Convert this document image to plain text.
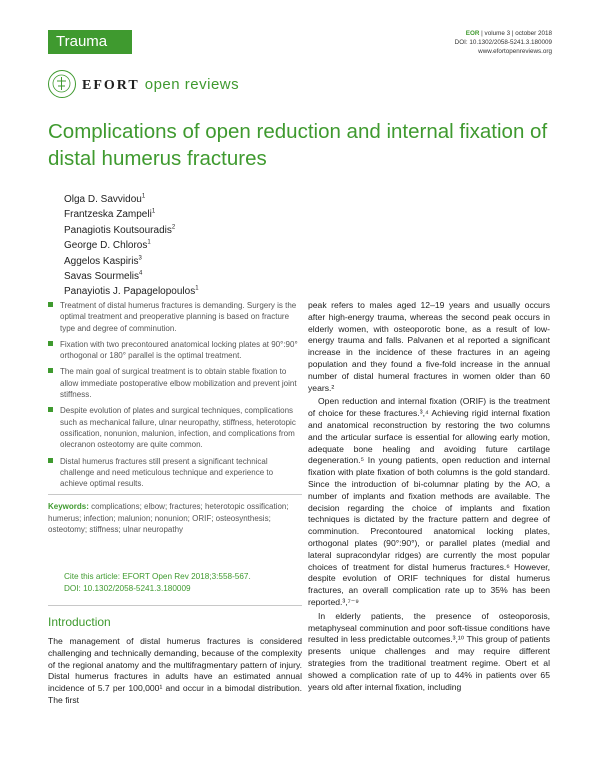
Trauma	EOR | volume 3 | october 2018
DOI: 10.1302/2058-5241.3.180009
www.efortopenreviews.org
EFORT open reviews
Complications of open reduction and internal fixation of distal humerus fractures
Olga D. Savvidou$^1$
Frantzeska Zampeli$^1$
Panagiotis Koutsouradis$^2$
George D. Chloros$^1$
Aggelos Kaspiris$^3$
Savas Sourmelis$^4$
Panayiotis J. Papagelopoulos$^1$
Treatment of distal humerus fractures is demanding. Surgery is the optimal treatment and preoperative planning is based on fracture type and degree of comminution.
Fixation with two precontoured anatomical locking plates at 90°:90° orthogonal or 180° parallel is the optimal treatment.
The main goal of surgical treatment is to obtain stable fixation to allow immediate postoperative elbow mobilization and prevent joint stiffness.
Despite evolution of plates and surgical techniques, complications such as mechanical failure, ulnar neuropathy, stiffness, heterotopic ossification, nonunion, malunion, infection, and complications from olecranon osteotomy are quite common.
Distal humerus fractures still present a significant technical challenge and need meticulous technique and experience to achieve optimal results.
Keywords: complications; elbow; fractures; heterotopic ossification; humerus; infection; malunion; nonunion; ORIF; osteosynthesis; osteotomy; stiffness; ulnar neuropathy
Cite this article: EFORT Open Rev 2018;3:558-567.
DOI: 10.1302/2058-5241.3.180009
Introduction

The management of distal humerus fractures is considered challenging and technically demanding, because of the complexity of the regional anatomy and the multifragmentary pattern of injury. Distal humerus fractures in adults have an estimated annual incidence of 5.7 per 100,000¹ and occur in a bimodal distribution. The first

peak refers to males aged 12–19 years and usually occurs after high-energy trauma, whereas the second peak occurs in elderly women, with osteoporotic bone, as a result of low-energy trauma and falls. Palvanen et al reported a significant increase in the incidence of these fractures in an ageing population and they found a five-fold increase in the annual number of distal humeral fractures in women older than 60 years.²

Open reduction and internal fixation (ORIF) is the treatment of choice for these fractures.³,⁴ Achieving rigid internal fixation and anatomical reconstruction by restoring the two columns and the articular surface is essential for allowing early motion, adequate bone healing and avoiding future cartilage degeneration.⁵ In young patients, open reduction and internal fixation with plate fixation of both columns is the gold standard. Since the introduction of bi-columnar plating by the AO, a number of implants and fixation methods are available. The decision regarding the choice of implants and fixation techniques is dictated by the fracture pattern and degree of comminution. Precontoured anatomical locking plates, orthogonal plates (90°:90°), or parallel plates (medial and lateral supracondylar ridges) are currently the most popular choices of treatment for distal humerus fractures.⁶ However, despite evolution of ORIF techniques for distal humerus fractures, an overall complication rate up to 35% has been reported.³,⁷⁻⁹

In elderly patients, the presence of osteoporosis, metaphyseal comminution and poor soft-tissue conditions have resulted in less predictable outcomes.³,¹⁰ This group of patients presents unique challenges and may require different strategies from the traditional treatment regime. Obert et al showed a complication rate of up to 44% in patients over 65 years old after internal fixation, including
